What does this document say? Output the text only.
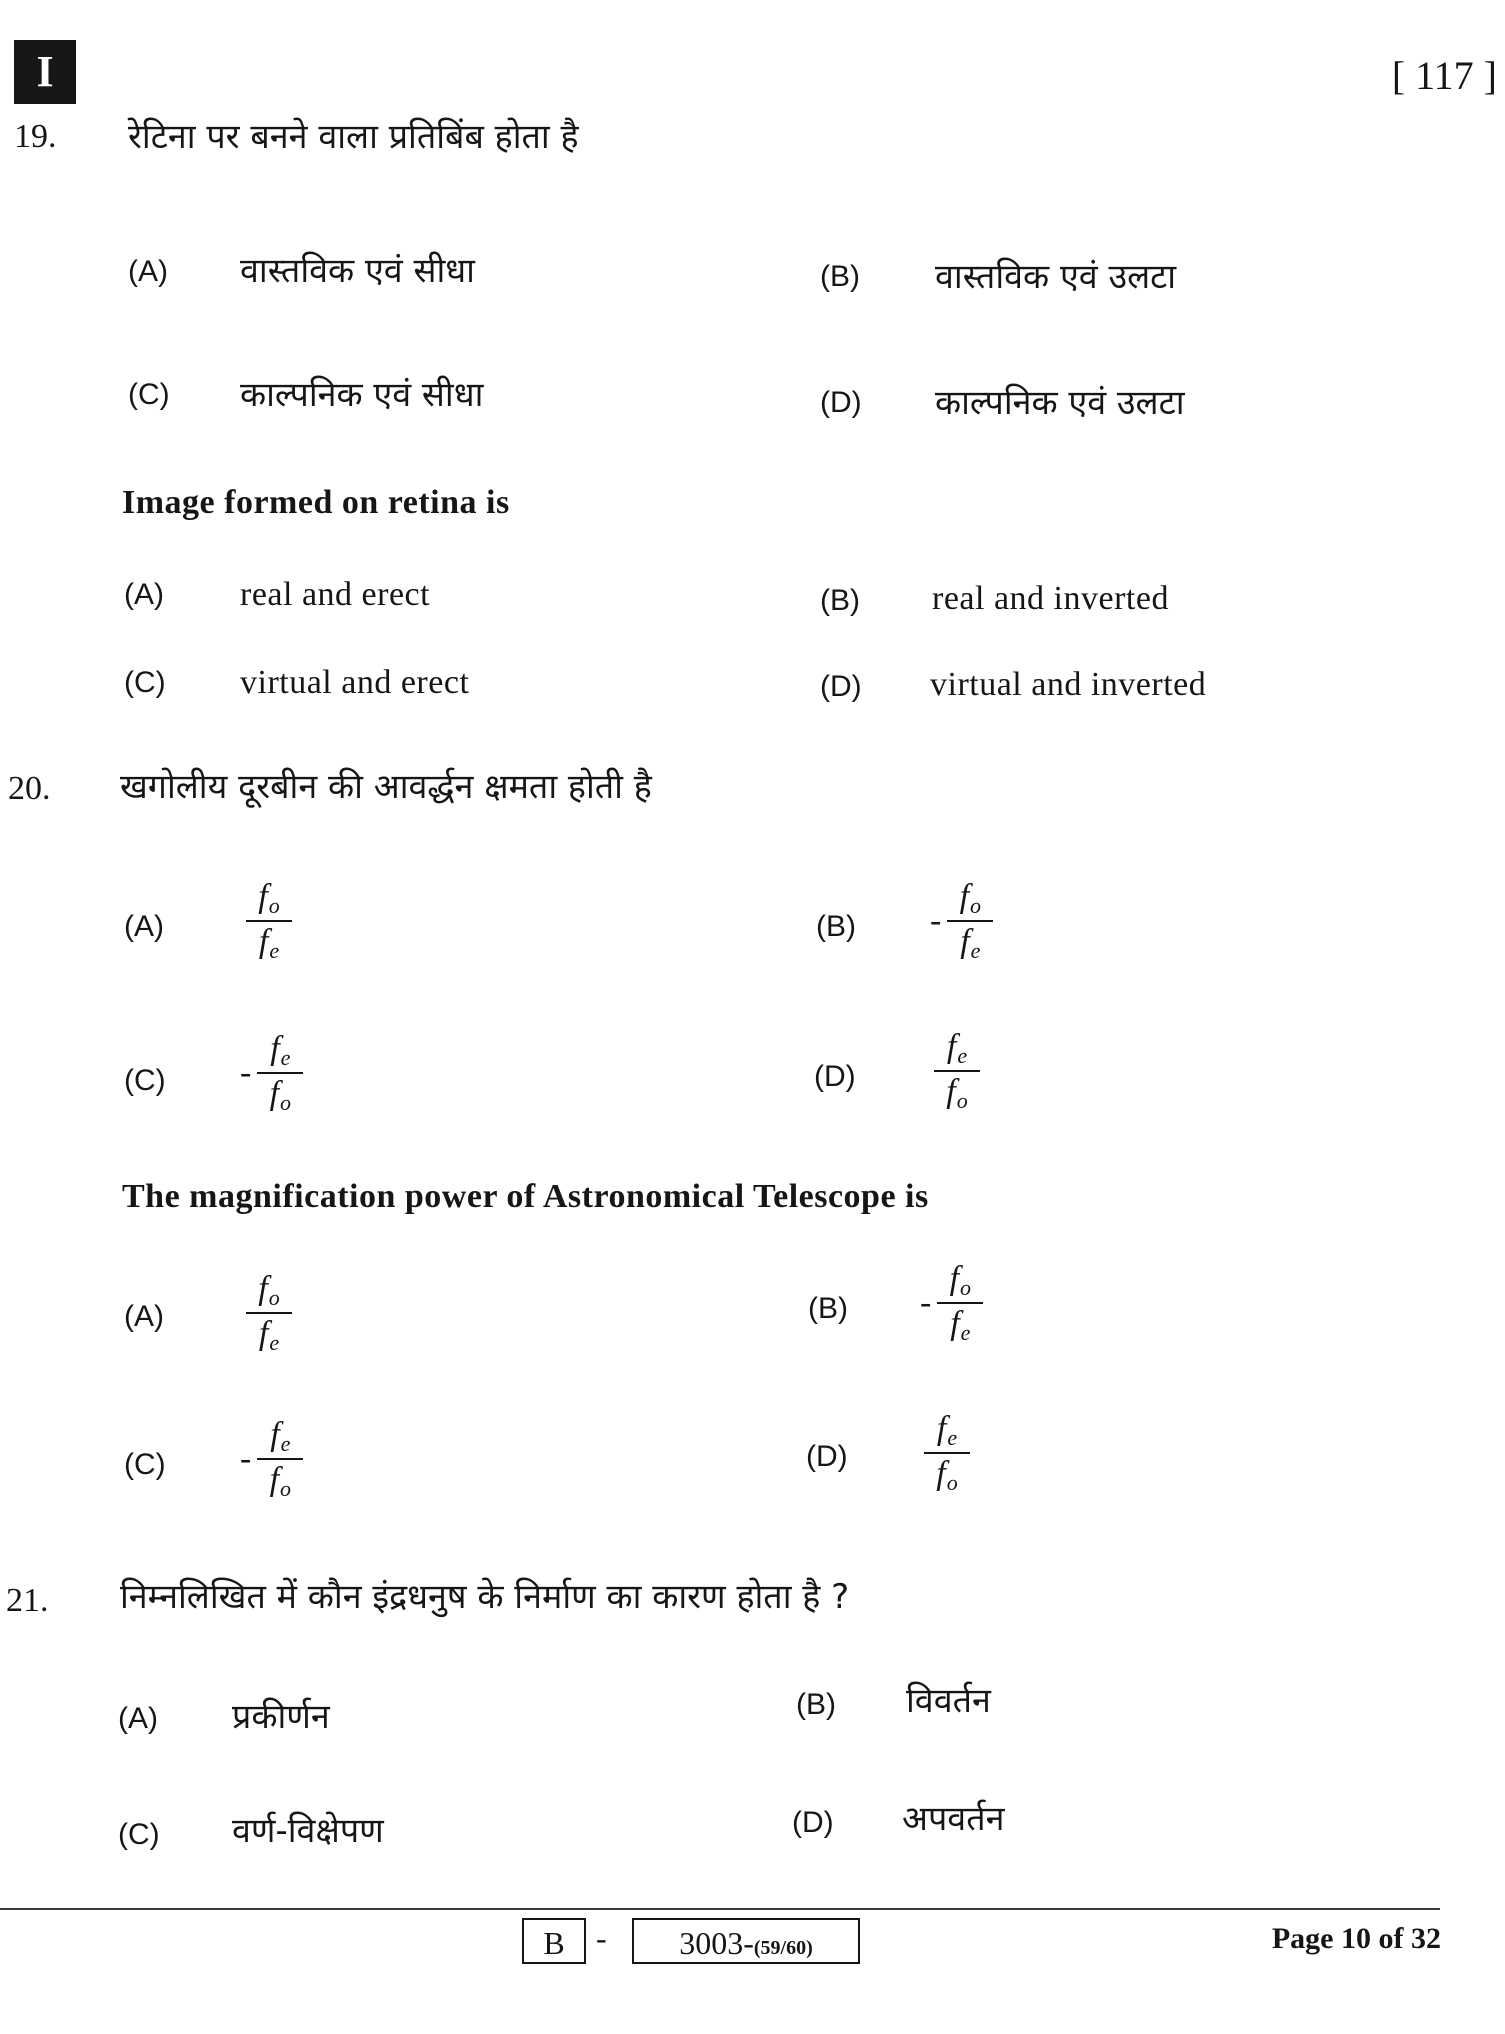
I	[ 117 ]
19. रेटिना पर बनने वाला प्रतिबिंब होता है
(A) वास्तविक एवं सीधा	(B) वास्तविक एवं उलटा
(C) काल्पनिक एवं सीधा	(D) काल्पनिक एवं उलटा
Image formed on retina is
(A) real and erect	(B) real and inverted
(C) virtual and erect	(D) virtual and inverted
20. खगोलीय दूरबीन की आवर्द्धन क्षमता होती है
$(A) \frac{f_o}{f_e}$	$(B) - \frac{f_o}{f_e}$
$(C) - \frac{f_e}{f_o}$	$(D) \frac{f_e}{f_o}$
The magnification power of Astronomical Telescope is
$(A) \frac{f_o}{f_e}$	$(B) - \frac{f_o}{f_e}$
$(C) - \frac{f_e}{f_o}$	$(D) \frac{f_e}{f_o}$
21. निम्नलिखित में कौन इंद्रधनुष के निर्माण का कारण होता है ?
(A) प्रकीर्णन	(B) विवर्तन
(C) वर्ण-विक्षेपण	(D) अपवर्तन
B -	3003-(59/60)	Page 10 of 32
